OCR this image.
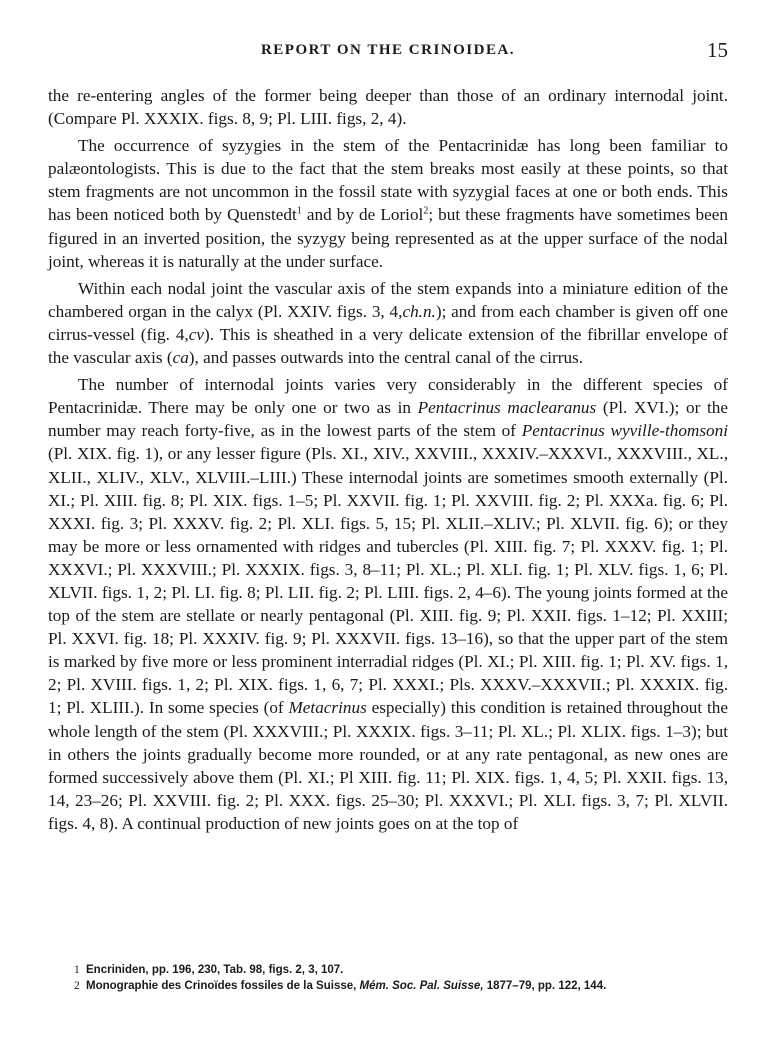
REPORT ON THE CRINOIDEA.	15

the re-entering angles of the former being deeper than those of an ordinary internodal joint. (Compare Pl. XXXIX. figs. 8, 9; Pl. LIII. figs, 2, 4).

The occurrence of syzygies in the stem of the Pentacrinidæ has long been familiar to palæontologists. This is due to the fact that the stem breaks most easily at these points, so that stem fragments are not uncommon in the fossil state with syzygial faces at one or both ends. This has been noticed both by Quenstedt$^1$ and by de Loriol$^2$; but these fragments have sometimes been figured in an inverted position, the syzygy being represented as at the upper surface of the nodal joint, whereas it is naturally at the under surface.

Within each nodal joint the vascular axis of the stem expands into a miniature edition of the chambered organ in the calyx (Pl. XXIV. figs. 3, 4,ch.n.); and from each chamber is given off one cirrus-vessel (fig. 4,cv). This is sheathed in a very delicate extension of the fibrillar envelope of the vascular axis (ca), and passes outwards into the central canal of the cirrus.

The number of internodal joints varies very considerably in the different species of Pentacrinidæ. There may be only one or two as in Pentacrinus maclearanus (Pl. XVI.); or the number may reach forty-five, as in the lowest parts of the stem of Pentacrinus wyville-thomsoni (Pl. XIX. fig. 1), or any lesser figure (Pls. XI., XIV., XXVIII., XXXIV.–XXXVI., XXXVIII., XL., XLII., XLIV., XLV., XLVIII.–LIII.) These internodal joints are sometimes smooth externally (Pl. XI.; Pl. XIII. fig. 8; Pl. XIX. figs. 1–5; Pl. XXVII. fig. 1; Pl. XXVIII. fig. 2; Pl. XXXa. fig. 6; Pl. XXXI. fig. 3; Pl. XXXV. fig. 2; Pl. XLI. figs. 5, 15; Pl. XLII.–XLIV.; Pl. XLVII. fig. 6); or they may be more or less ornamented with ridges and tubercles (Pl. XIII. fig. 7; Pl. XXXV. fig. 1; Pl. XXXVI.; Pl. XXXVIII.; Pl. XXXIX. figs. 3, 8–11; Pl. XL.; Pl. XLI. fig. 1; Pl. XLV. figs. 1, 6; Pl. XLVII. figs. 1, 2; Pl. LI. fig. 8; Pl. LII. fig. 2; Pl. LIII. figs. 2, 4–6). The young joints formed at the top of the stem are stellate or nearly pentagonal (Pl. XIII. fig. 9; Pl. XXII. figs. 1–12; Pl. XXIII; Pl. XXVI. fig. 18; Pl. XXXIV. fig. 9; Pl. XXXVII. figs. 13–16), so that the upper part of the stem is marked by five more or less prominent interradial ridges (Pl. XI.; Pl. XIII. fig. 1; Pl. XV. figs. 1, 2; Pl. XVIII. figs. 1, 2; Pl. XIX. figs. 1, 6, 7; Pl. XXXI.; Pls. XXXV.–XXXVII.; Pl. XXXIX. fig. 1; Pl. XLIII.). In some species (of Metacrinus especially) this condition is retained throughout the whole length of the stem (Pl. XXXVIII.; Pl. XXXIX. figs. 3–11; Pl. XL.; Pl. XLIX. figs. 1–3); but in others the joints gradually become more rounded, or at any rate pentagonal, as new ones are formed successively above them (Pl. XI.; Pl XIII. fig. 11; Pl. XIX. figs. 1, 4, 5; Pl. XXII. figs. 13, 14, 23–26; Pl. XXVIII. fig. 2; Pl. XXX. figs. 25–30; Pl. XXXVI.; Pl. XLI. figs. 3, 7; Pl. XLVII. figs. 4, 8). A continual production of new joints goes on at the top of

1 Encriniden, pp. 196, 230, Tab. 98, figs. 2, 3, 107.
2 Monographie des Crinoïdes fossiles de la Suisse, Mém. Soc. Pal. Suisse, 1877–79, pp. 122, 144.
